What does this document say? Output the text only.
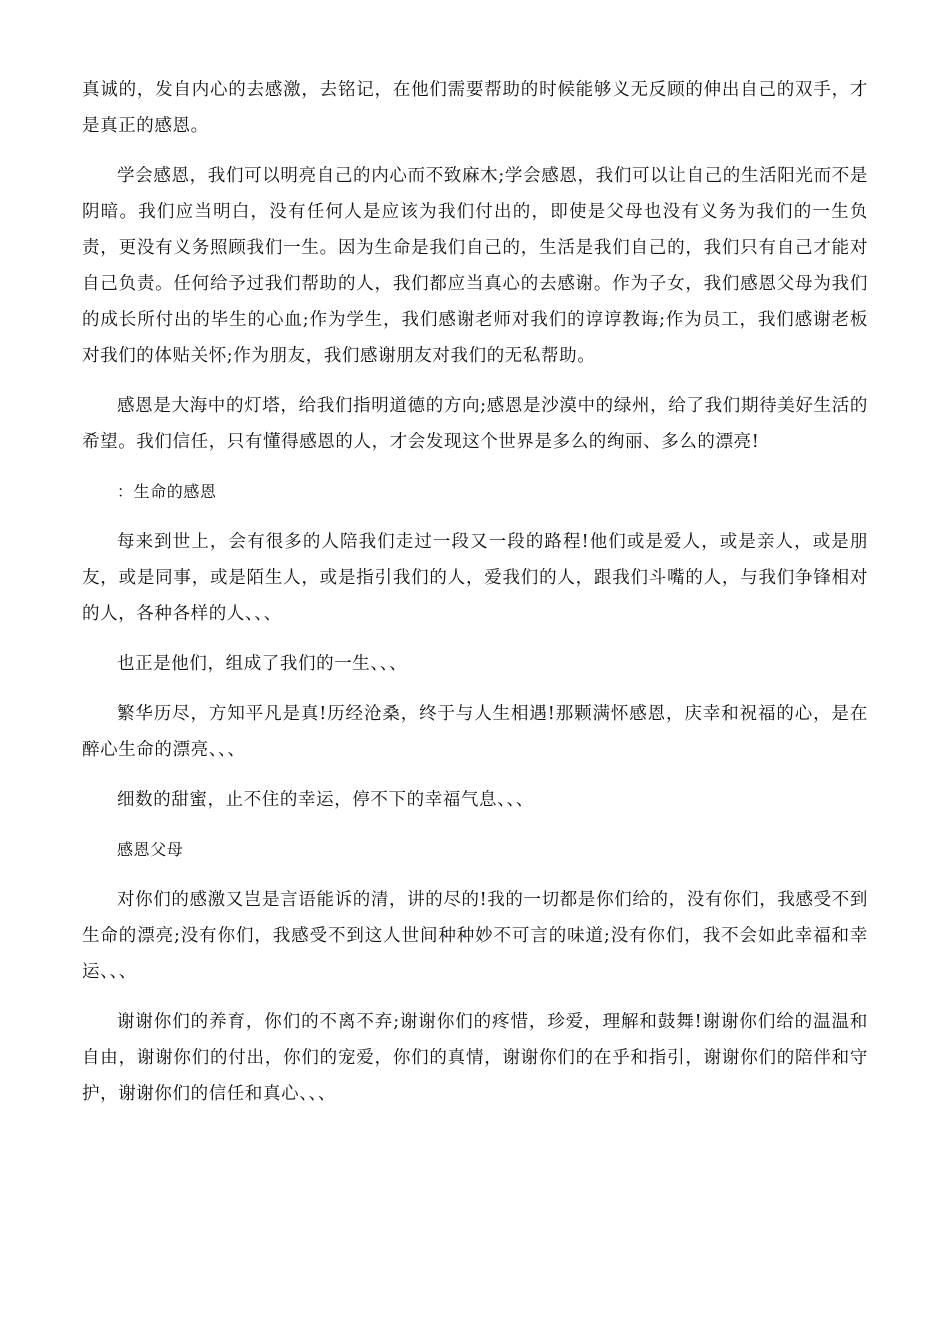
真诚的，发自内心的去感激，去铭记，在他们需要帮助的时候能够义无反顾的伸出自己的双手，才是真正的感恩。

学会感恩，我们可以明亮自己的内心而不致麻木;学会感恩，我们可以让自己的生活阳光而不是阴暗。我们应当明白，没有任何人是应该为我们付出的，即使是父母也没有义务为我们的一生负责，更没有义务照顾我们一生。因为生命是我们自己的，生活是我们自己的，我们只有自己才能对自己负责。任何给予过我们帮助的人，我们都应当真心的去感谢。作为子女，我们感恩父母为我们的成长所付出的毕生的心血;作为学生，我们感谢老师对我们的谆谆教诲;作为员工，我们感谢老板对我们的体贴关怀;作为朋友，我们感谢朋友对我们的无私帮助。

感恩是大海中的灯塔，给我们指明道德的方向;感恩是沙漠中的绿州，给了我们期待美好生活的希望。我们信任，只有懂得感恩的人，才会发现这个世界是多么的绚丽、多么的漂亮!

：生命的感恩

每来到世上，会有很多的人陪我们走过一段又一段的路程!他们或是爱人，或是亲人，或是朋友，或是同事，或是陌生人，或是指引我们的人，爱我们的人，跟我们斗嘴的人，与我们争锋相对的人，各种各样的人、、、

也正是他们，组成了我们的一生、、、

繁华历尽，方知平凡是真!历经沧桑，终于与人生相遇!那颗满怀感恩，庆幸和祝福的心，是在醉心生命的漂亮、、、

细数的甜蜜，止不住的幸运，停不下的幸福气息、、、

感恩父母

对你们的感激又岂是言语能诉的清，讲的尽的!我的一切都是你们给的，没有你们，我感受不到生命的漂亮;没有你们，我感受不到这人世间种种妙不可言的味道;没有你们，我不会如此幸福和幸运、、、

谢谢你们的养育，你们的不离不弃;谢谢你们的疼惜，珍爱，理解和鼓舞!谢谢你们给的温温和自由，谢谢你们的付出，你们的宠爱，你们的真情，谢谢你们的在乎和指引，谢谢你们的陪伴和守护，谢谢你们的信任和真心、、、
